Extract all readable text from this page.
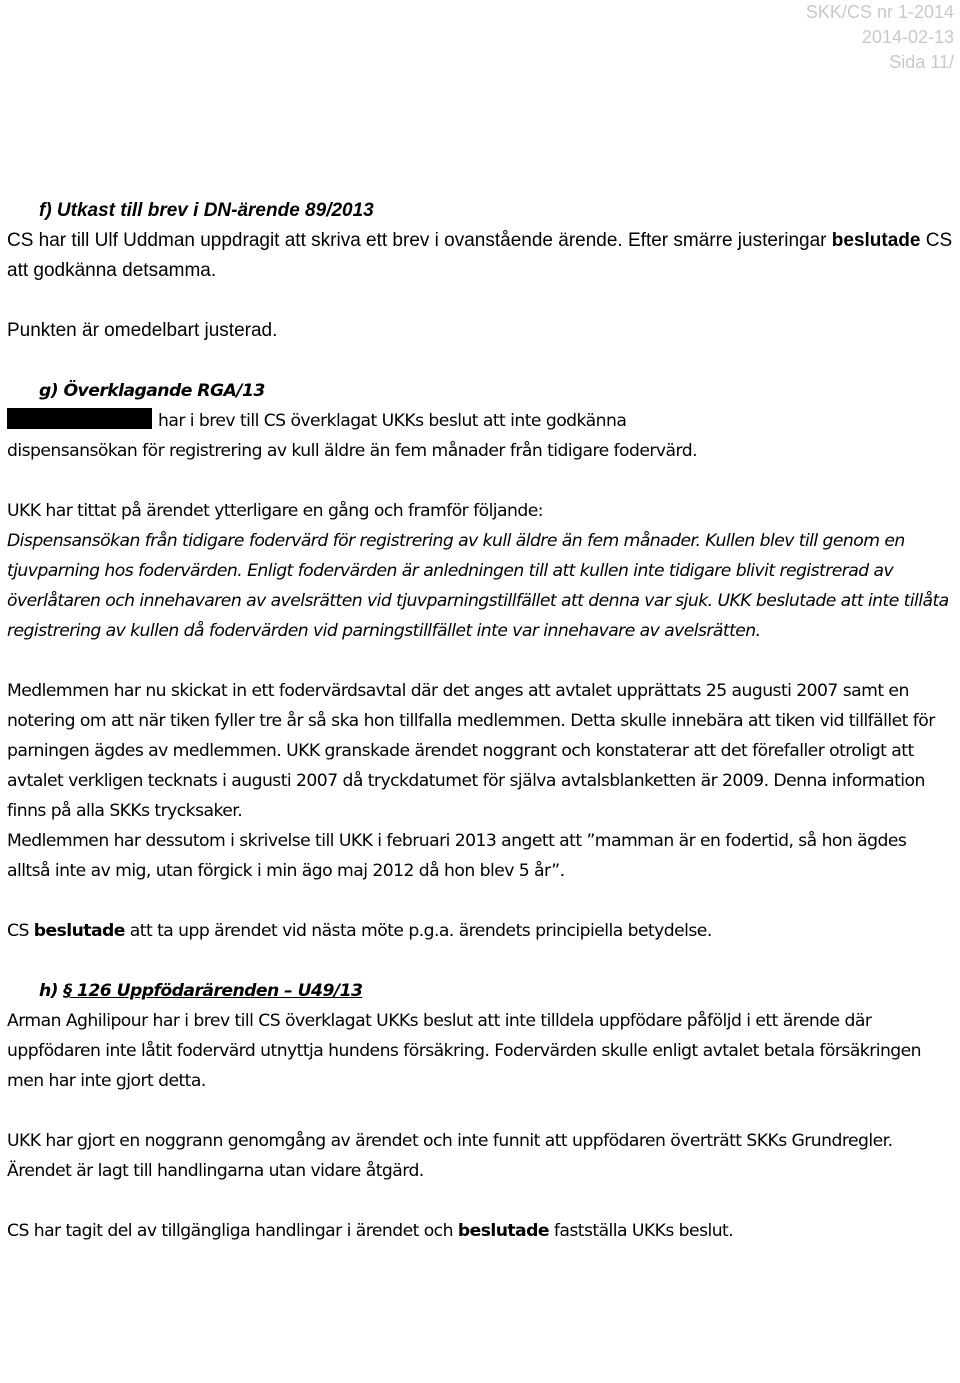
SKK/CS nr 1-2014
2014-02-13
Sida 11/
f) Utkast till brev i DN-ärende 89/2013

CS har till Ulf Uddman uppdragit att skriva ett brev i ovanstående ärende. Efter smärre justeringar beslutade CS att godkänna detsamma.

Punkten är omedelbart justerad.

g) Överklagande RGA/13

har i brev till CS överklagat UKKs beslut att inte godkänna
dispensansökan för registrering av kull äldre än fem månader från tidigare fodervärd.

UKK har tittat på ärendet ytterligare en gång och framför följande:

Dispensansökan från tidigare fodervärd för registrering av kull äldre än fem månader. Kullen blev till genom en tjuvparning hos fodervärden. Enligt fodervärden är anledningen till att kullen inte tidigare blivit registrerad av överlåtaren och innehavaren av avelsrätten vid tjuvparningstillfället att denna var sjuk. UKK beslutade att inte tillåta registrering av kullen då fodervärden vid parningstillfället inte var innehavare av avelsrätten.

Medlemmen har nu skickat in ett fodervärdsavtal där det anges att avtalet upprättats 25 augusti 2007 samt en notering om att när tiken fyller tre år så ska hon tillfalla medlemmen. Detta skulle innebära att tiken vid tillfället för parningen ägdes av medlemmen. UKK granskade ärendet noggrant och konstaterar att det förefaller otroligt att avtalet verkligen tecknats i augusti 2007 då tryckdatumet för själva avtalsblanketten är 2009. Denna information finns på alla SKKs trycksaker.

Medlemmen har dessutom i skrivelse till UKK i februari 2013 angett att ”mamman är en fodertid, så hon ägdes alltså inte av mig, utan förgick i min ägo maj 2012 då hon blev 5 år”.

CS beslutade att ta upp ärendet vid nästa möte p.g.a. ärendets principiella betydelse.

h) § 126 Uppfödarärenden – U49/13

Arman Aghilipour har i brev till CS överklagat UKKs beslut att inte tilldela uppfödare påföljd i ett ärende där uppfödaren inte låtit fodervärd utnyttja hundens försäkring. Fodervärden skulle enligt avtalet betala försäkringen men har inte gjort detta.

UKK har gjort en noggrann genomgång av ärendet och inte funnit att uppfödaren överträtt SKKs Grundregler. Ärendet är lagt till handlingarna utan vidare åtgärd.

CS har tagit del av tillgängliga handlingar i ärendet och beslutade fastställa UKKs beslut.
